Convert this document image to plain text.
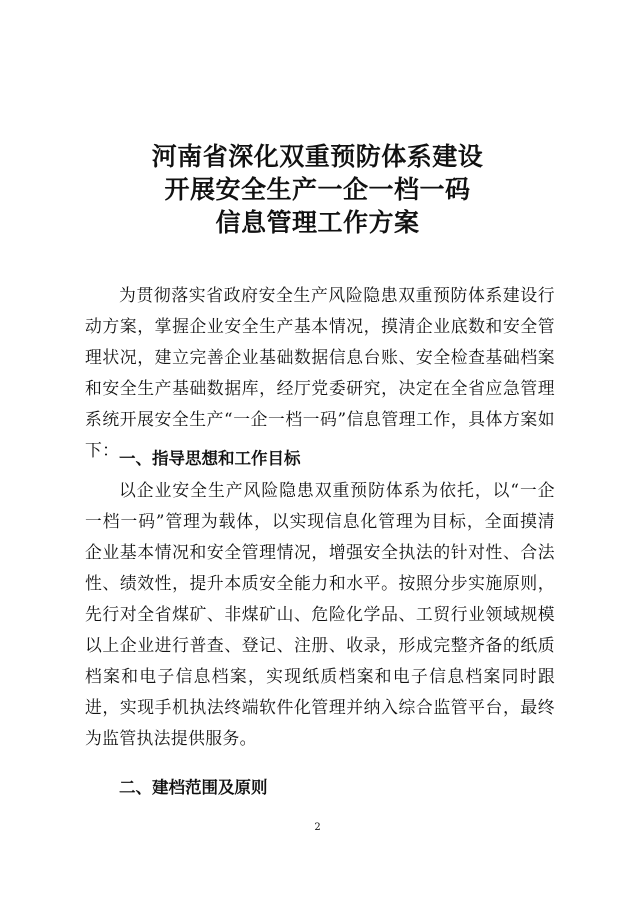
河南省深化双重预防体系建设
开展安全生产一企一档一码
信息管理工作方案

为贯彻落实省政府安全生产风险隐患双重预防体系建设行动方案，掌握企业安全生产基本情况，摸清企业底数和安全管理状况，建立完善企业基础数据信息台账、安全检查基础档案和安全生产基础数据库，经厅党委研究，决定在全省应急管理系统开展安全生产“一企一档一码”信息管理工作，具体方案如下： 一、指导思想和工作目标

以企业安全生产风险隐患双重预防体系为依托，以“一企一档一码”管理为载体，以实现信息化管理为目标，全面摸清企业基本情况和安全管理情况，增强安全执法的针对性、合法性、绩效性，提升本质安全能力和水平。按照分步实施原则，先行对全省煤矿、非煤矿山、危险化学品、工贸行业领域规模以上企业进行普查、登记、注册、收录，形成完整齐备的纸质档案和电子信息档案，实现纸质档案和电子信息档案同时跟进，实现手机执法终端软件化管理并纳入综合监管平台，最终为监管执法提供服务。

二、建档范围及原则
2
